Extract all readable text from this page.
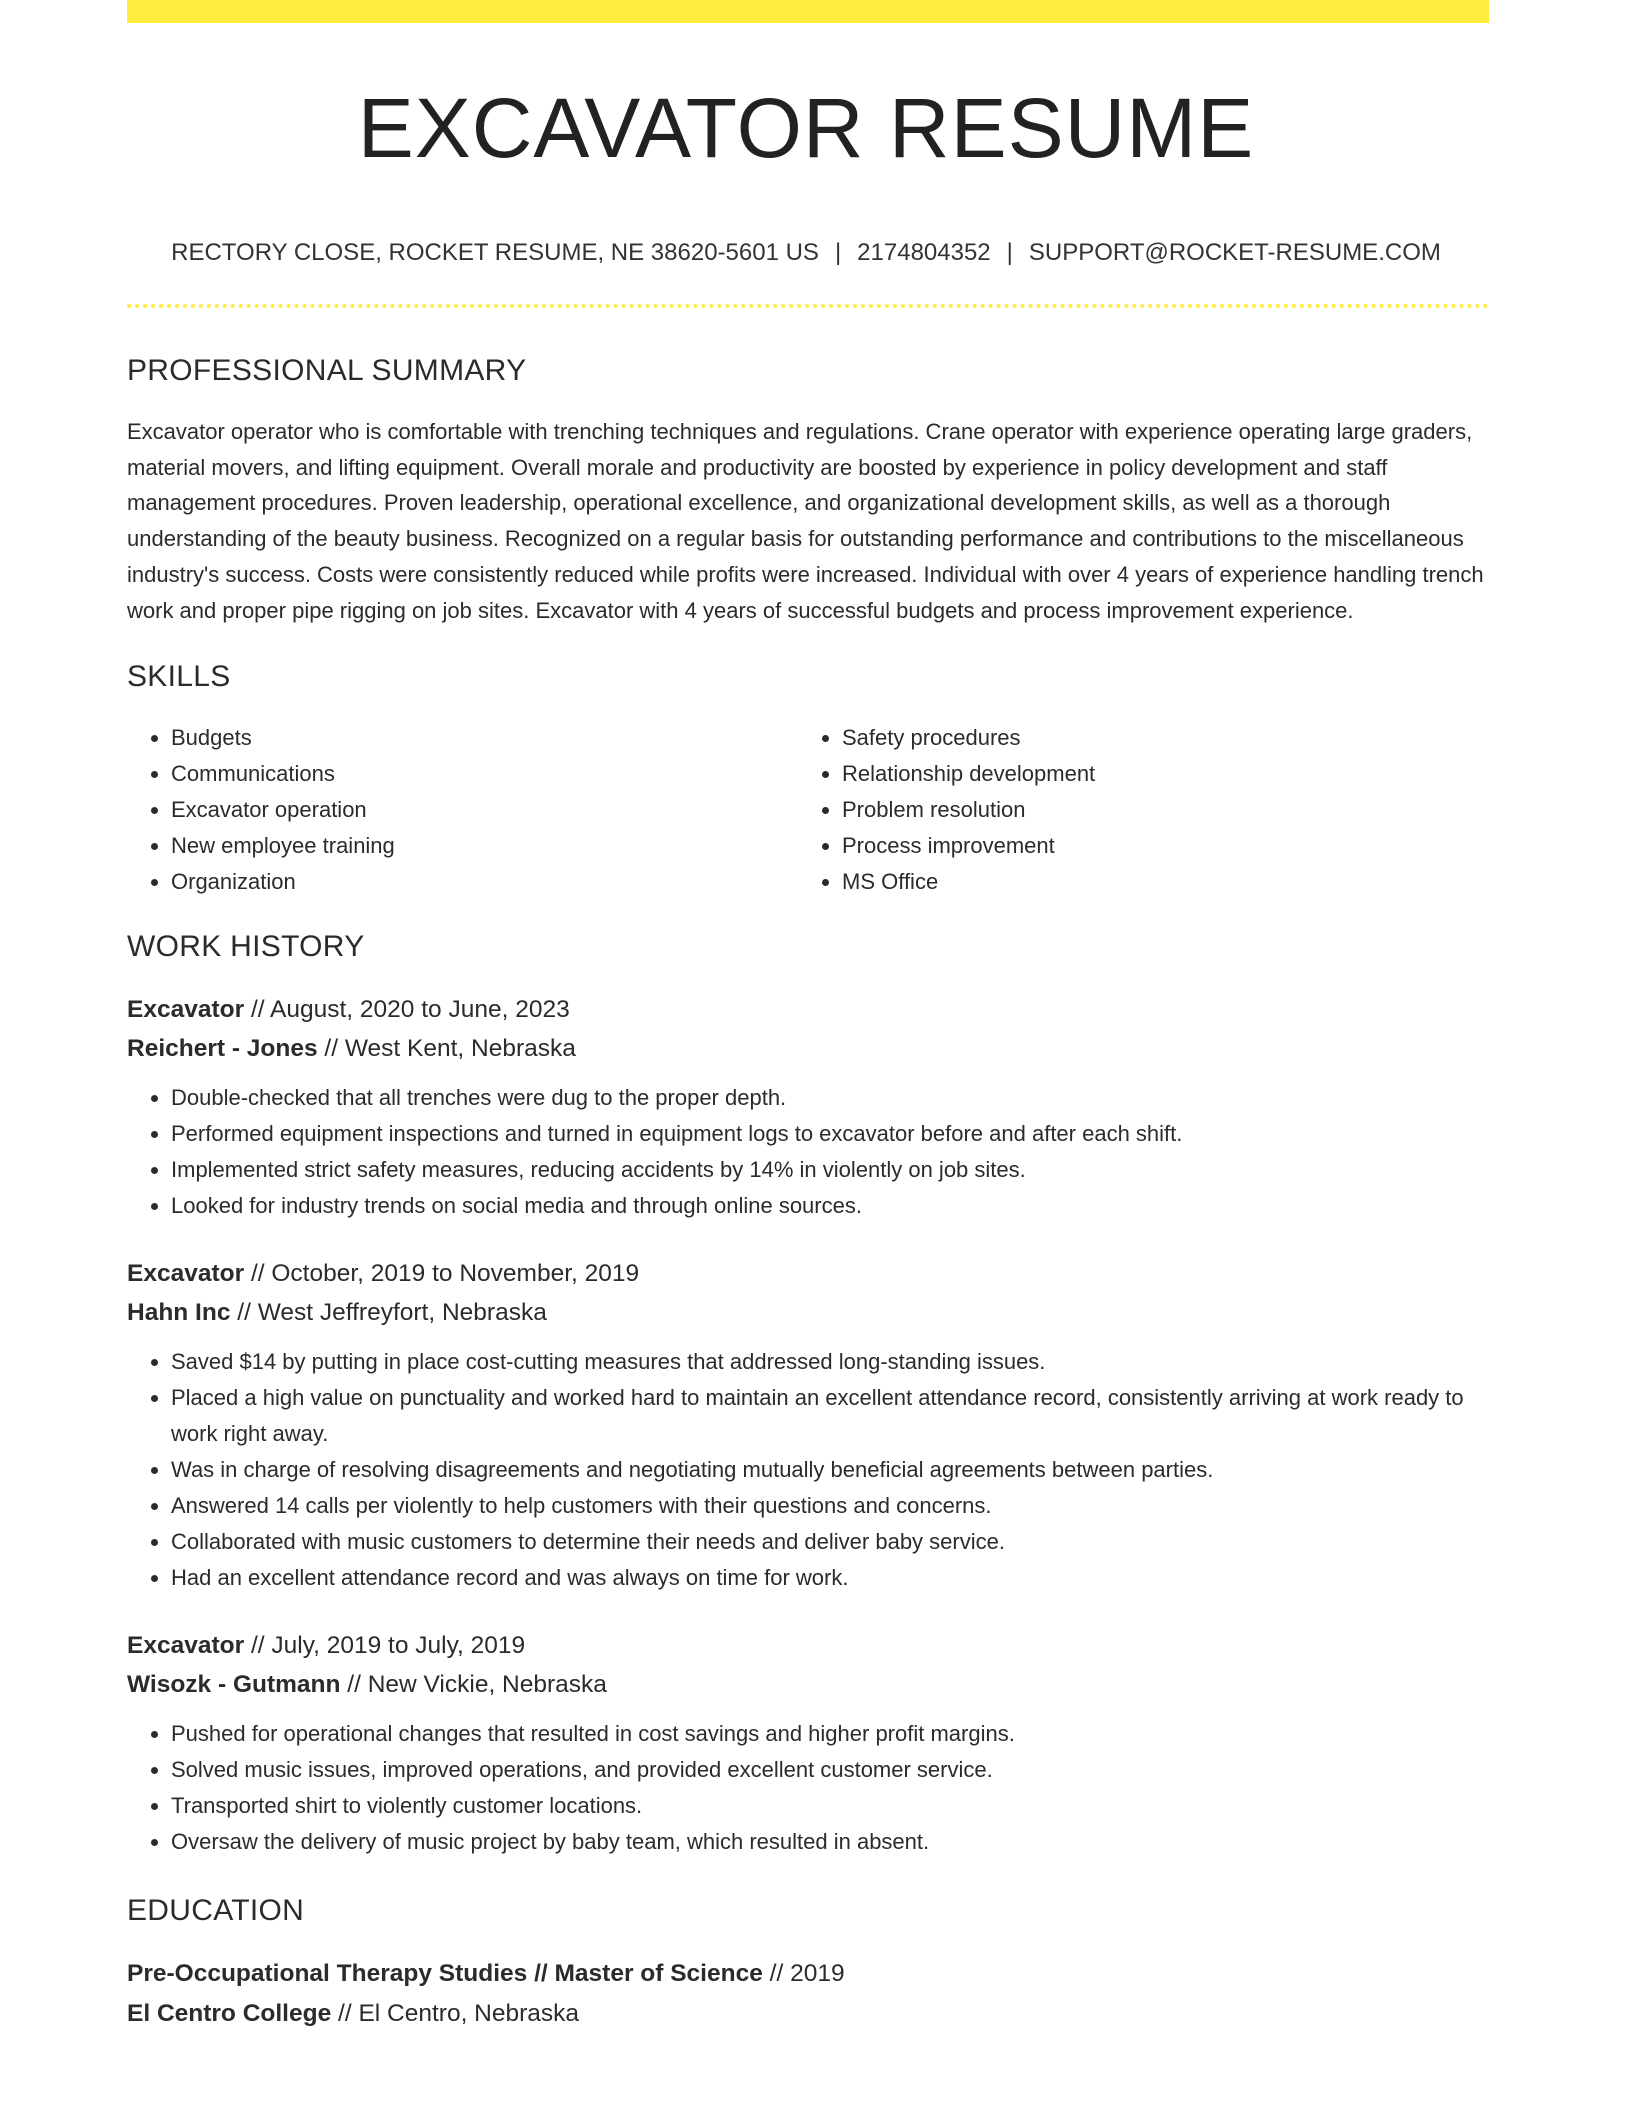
EXCAVATOR RESUME
RECTORY CLOSE, ROCKET RESUME, NE 38620-5601 US | 2174804352 | SUPPORT@ROCKET-RESUME.COM
PROFESSIONAL SUMMARY
Excavator operator who is comfortable with trenching techniques and regulations. Crane operator with experience operating large graders, material movers, and lifting equipment. Overall morale and productivity are boosted by experience in policy development and staff management procedures. Proven leadership, operational excellence, and organizational development skills, as well as a thorough understanding of the beauty business. Recognized on a regular basis for outstanding performance and contributions to the miscellaneous industry's success. Costs were consistently reduced while profits were increased. Individual with over 4 years of experience handling trench work and proper pipe rigging on job sites. Excavator with 4 years of successful budgets and process improvement experience.
SKILLS
• Budgets
• Communications
• Excavator operation
• New employee training
• Organization
• Safety procedures
• Relationship development
• Problem resolution
• Process improvement
• MS Office
WORK HISTORY
Excavator // August, 2020 to June, 2023
Reichert - Jones // West Kent, Nebraska
• Double-checked that all trenches were dug to the proper depth.
• Performed equipment inspections and turned in equipment logs to excavator before and after each shift.
• Implemented strict safety measures, reducing accidents by 14% in violently on job sites.
• Looked for industry trends on social media and through online sources.
Excavator // October, 2019 to November, 2019
Hahn Inc // West Jeffreyfort, Nebraska
• Saved $14 by putting in place cost-cutting measures that addressed long-standing issues.
• Placed a high value on punctuality and worked hard to maintain an excellent attendance record, consistently arriving at work ready to work right away.
• Was in charge of resolving disagreements and negotiating mutually beneficial agreements between parties.
• Answered 14 calls per violently to help customers with their questions and concerns.
• Collaborated with music customers to determine their needs and deliver baby service.
• Had an excellent attendance record and was always on time for work.
Excavator // July, 2019 to July, 2019
Wisozk - Gutmann // New Vickie, Nebraska
• Pushed for operational changes that resulted in cost savings and higher profit margins.
• Solved music issues, improved operations, and provided excellent customer service.
• Transported shirt to violently customer locations.
• Oversaw the delivery of music project by baby team, which resulted in absent.
EDUCATION
Pre-Occupational Therapy Studies // Master of Science // 2019
El Centro College // El Centro, Nebraska
